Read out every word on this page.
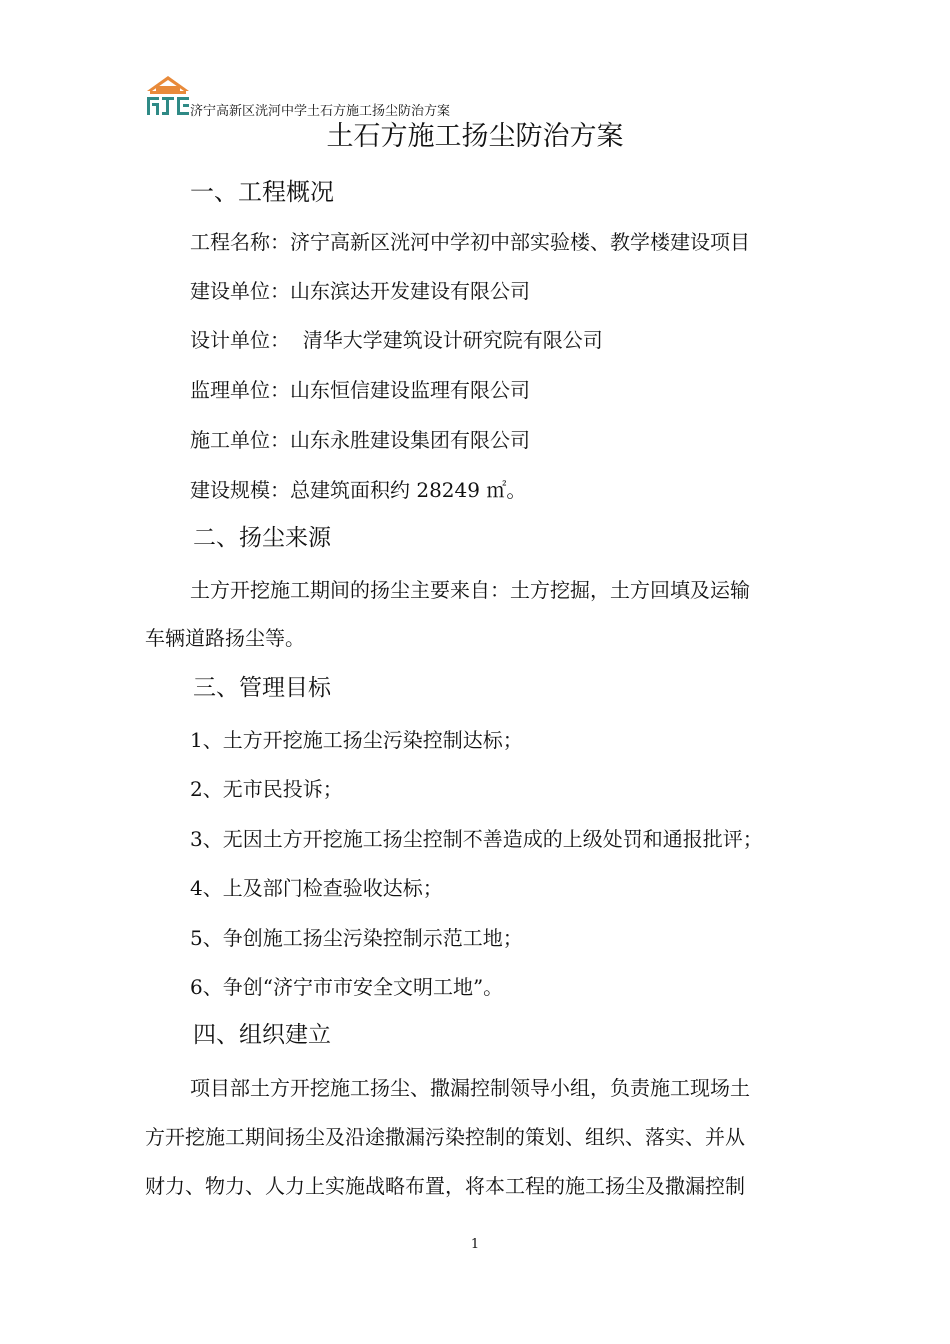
济宁高新区洸河中学土石方施工扬尘防治方案
土石方施工扬尘防治方案
一、工程概况
工程名称：济宁高新区洸河中学初中部实验楼、教学楼建设项目
建设单位：山东滨达开发建设有限公司
设计单位：  清华大学建筑设计研究院有限公司
监理单位：山东恒信建设监理有限公司
施工单位：山东永胜建设集团有限公司
建设规模：总建筑面积约 28249 ㎡。
二、扬尘来源
土方开挖施工期间的扬尘主要来自：土方挖掘，土方回填及运输
车辆道路扬尘等。
三、管理目标
1、土方开挖施工扬尘污染控制达标；
2、无市民投诉；
3、无因土方开挖施工扬尘控制不善造成的上级处罚和通报批评；
4、上及部门检查验收达标；
5、争创施工扬尘污染控制示范工地；
6、争创“济宁市市安全文明工地”。
四、组织建立
项目部土方开挖施工扬尘、撒漏控制领导小组，负责施工现场土
方开挖施工期间扬尘及沿途撒漏污染控制的策划、组织、落实、并从
财力、物力、人力上实施战略布置，将本工程的施工扬尘及撒漏控制
1
